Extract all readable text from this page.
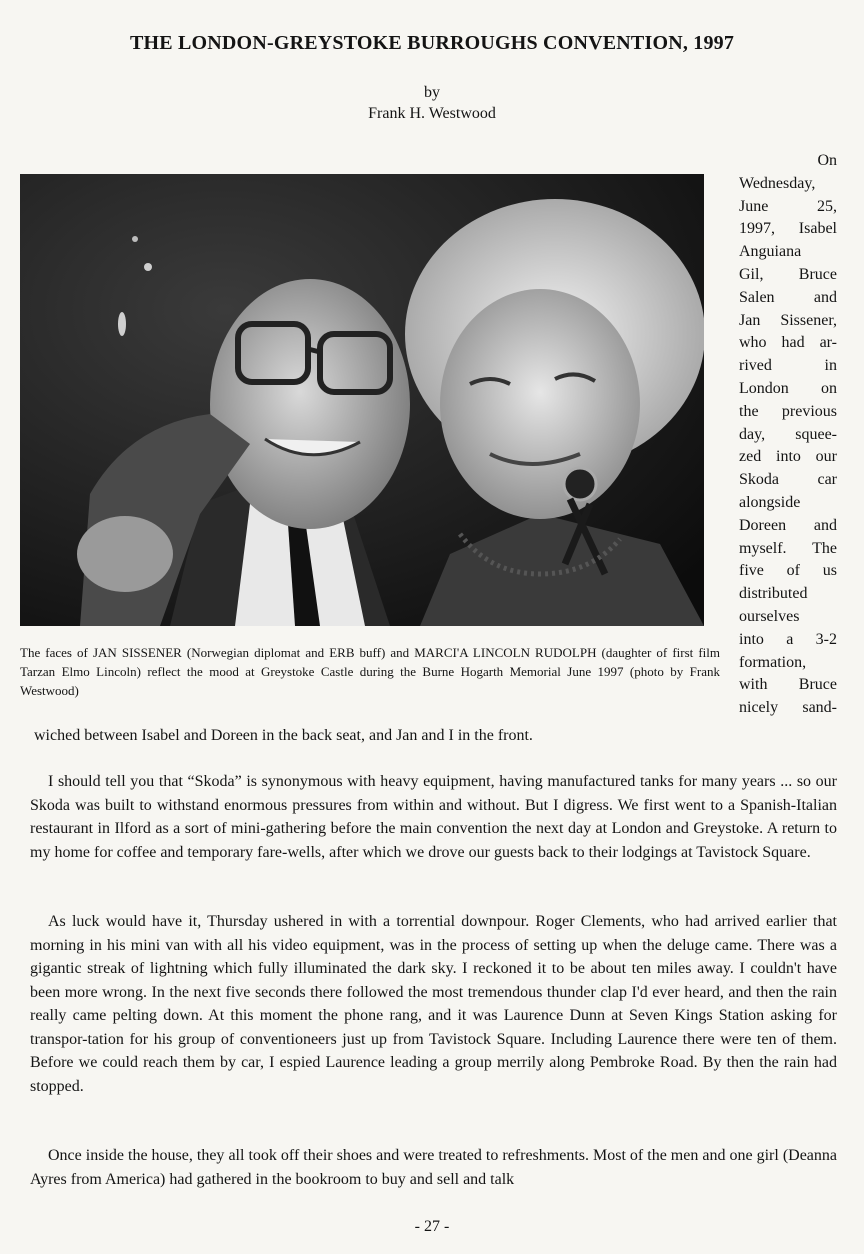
THE LONDON-GREYSTOKE BURROUGHS CONVENTION, 1997
by
Frank H. Westwood
The faces of JAN SISSENER (Norwegian diplomat and ERB buff) and MARCI'A LINCOLN RUDOLPH (daughter of first film Tarzan Elmo Lincoln) reflect the mood at Greystoke Castle during the Burne Hogarth Memorial June 1997 (photo by Frank Westwood)
On
Wednesday,
June 25,
1997, Isabel
Anguiana
Gil, Bruce
Salen and
Jan Sissener,
who had ar-
rived in
London on
the previous
day, squee-
zed into our
Skoda car
alongside
Doreen and
myself. The
five of us
distributed
ourselves
into a 3-2
formation,
with Bruce
nicely sand-
wiched between Isabel and Doreen in the back seat, and Jan and I in the front.
I should tell you that “Skoda” is synonymous with heavy equipment, having manufactured tanks for many years ... so our Skoda was built to withstand enormous pressures from within and without. But I digress. We first went to a Spanish-Italian restaurant in Ilford as a sort of mini-gathering before the main convention the next day at London and Greystoke. A return to my home for coffee and temporary fare-wells, after which we drove our guests back to their lodgings at Tavistock Square.
As luck would have it, Thursday ushered in with a torrential downpour. Roger Clements, who had arrived earlier that morning in his mini van with all his video equipment, was in the process of setting up when the deluge came. There was a gigantic streak of lightning which fully illuminated the dark sky. I reckoned it to be about ten miles away. I couldn't have been more wrong. In the next five seconds there followed the most tremendous thunder clap I'd ever heard, and then the rain really came pelting down. At this moment the phone rang, and it was Laurence Dunn at Seven Kings Station asking for transpor-tation for his group of conventioneers just up from Tavistock Square. Including Laurence there were ten of them. Before we could reach them by car, I espied Laurence leading a group merrily along Pembroke Road. By then the rain had stopped.
Once inside the house, they all took off their shoes and were treated to refreshments. Most of the men and one girl (Deanna Ayres from America) had gathered in the bookroom to buy and sell and talk
- 27 -
